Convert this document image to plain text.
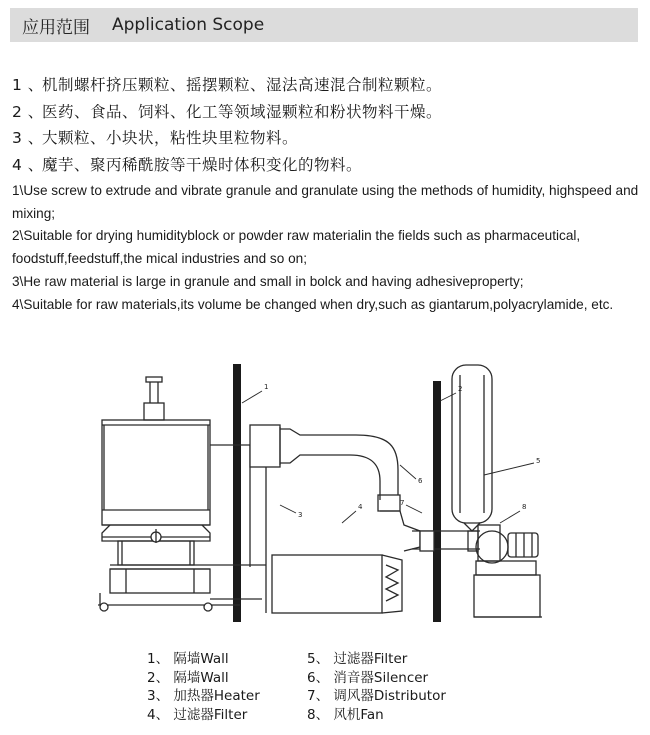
应用范围 Application Scope
1 、机制螺杆挤压颗粒、摇摆颗粒、湿法高速混合制粒颗粒。
2 、医药、食品、饲料、化工等领域湿颗粒和粉状物料干燥。
3 、大颗粒、小块状，粘性块里粒物料。
4 、魔芋、聚丙稀酰胺等干燥时体积变化的物料。

1\Use screw to extrude and vibrate granule and granulate using the methods of humidity, highspeed and mixing;

2\Suitable for drying humidityblock or powder raw materialin the fields such as pharmaceutical, foodstuff,feedstuff,the mical industries and so on;

3\He raw material is large in granule and small in bolck and having adhesiveproperty;

4\Suitable for raw materials,its volume be changed when dry,such as giantarum,polyacrylamide, etc.

1	2
3
4
5
6
7	8
1、 隔墙Wall
2、 隔墙Wall
3、 加热器Heater
4、 过滤器Filter
5、 过滤器Filter
6、 消音器Silencer
7、 调风器Distributor
8、 风机Fan
